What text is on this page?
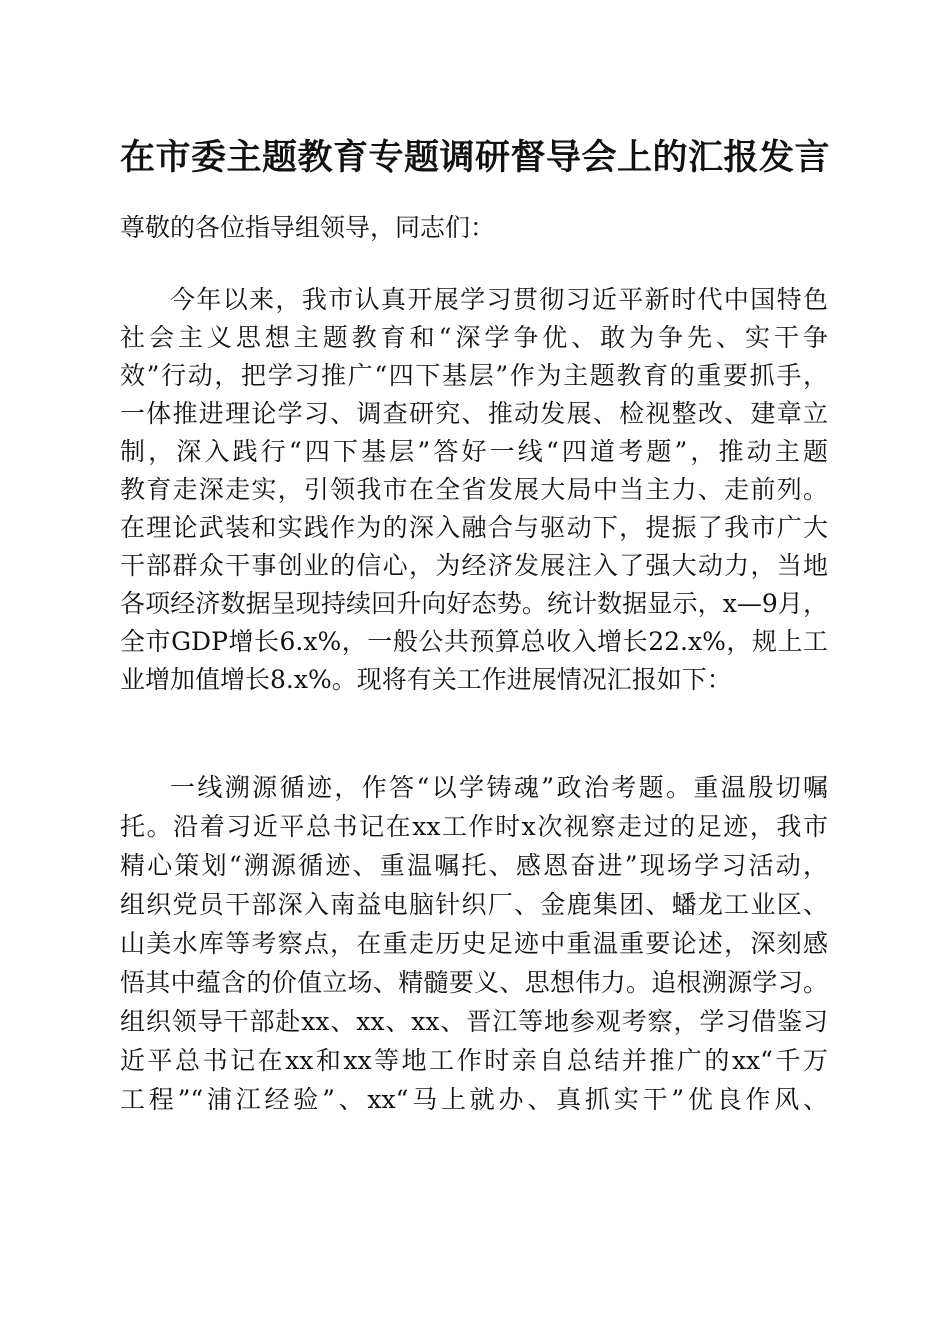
在市委主题教育专题调研督导会上的汇报发言
尊敬的各位指导组领导，同志们：
今年以来，我市认真开展学习贯彻习近平新时代中国特色
社会主义思想主题教育和“深学争优、敢为争先、实干争
效”行动，把学习推广“四下基层”作为主题教育的重要抓手，
一体推进理论学习、调查研究、推动发展、检视整改、建章立
制，深入践行“四下基层”答好一线“四道考题”，推动主题
教育走深走实，引领我市在全省发展大局中当主力、走前列。
在理论武装和实践作为的深入融合与驱动下，提振了我市广大
干部群众干事创业的信心，为经济发展注入了强大动力，当地
各项经济数据呈现持续回升向好态势。统计数据显示，x—9月，
全市GDP增长6.x%，一般公共预算总收入增长22.x%，规上工
业增加值增长8.x%。现将有关工作进展情况汇报如下：
一线溯源循迹，作答“以学铸魂”政治考题。重温殷切嘱
托。沿着习近平总书记在xx工作时x次视察走过的足迹，我市
精心策划“溯源循迹、重温嘱托、感恩奋进”现场学习活动，
组织党员干部深入南益电脑针织厂、金鹿集团、蟠龙工业区、
山美水库等考察点，在重走历史足迹中重温重要论述，深刻感
悟其中蕴含的价值立场、精髓要义、思想伟力。追根溯源学习。
组织领导干部赴xx、xx、xx、晋江等地参观考察，学习借鉴习
近平总书记在xx和xx等地工作时亲自总结并推广的xx“千万
工程”“浦江经验”、xx“马上就办、真抓实干”优良作风、
